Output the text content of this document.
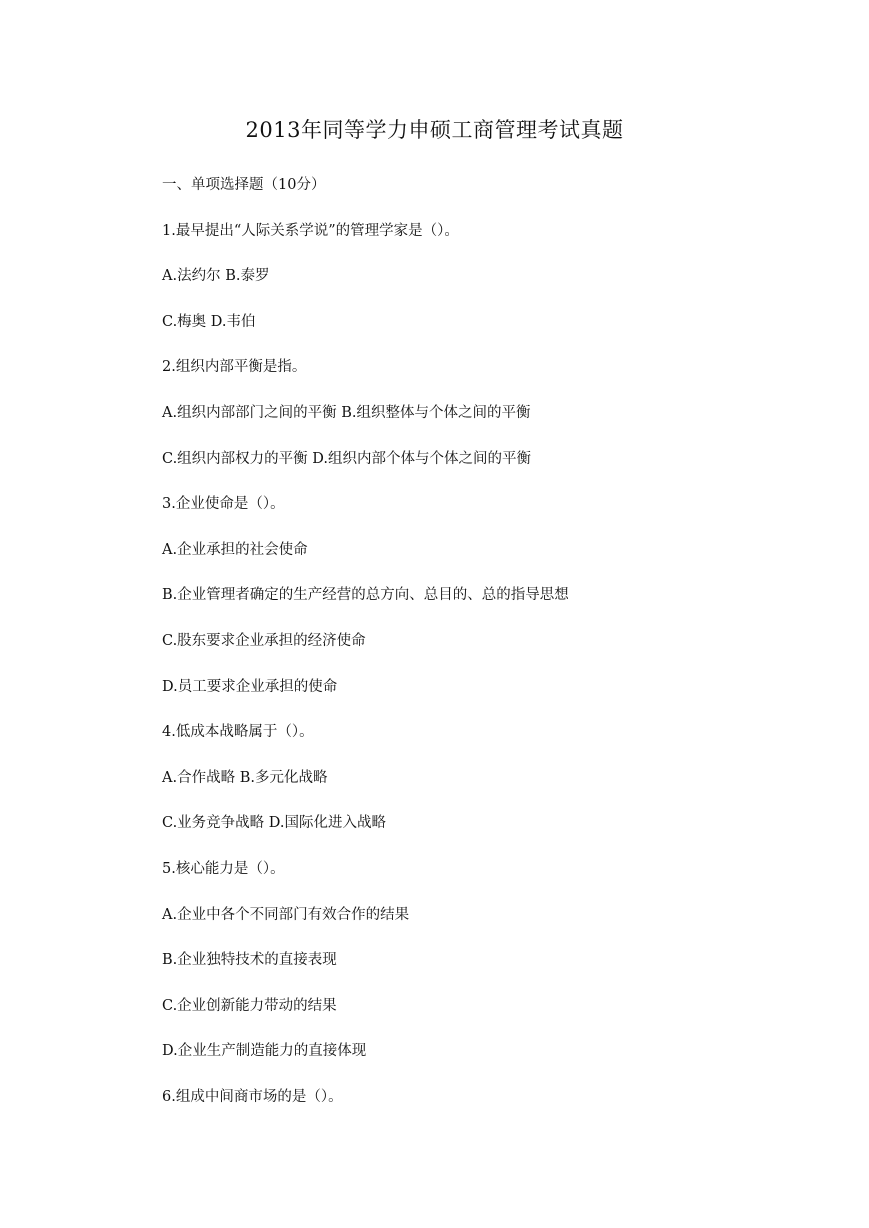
2013年同等学力申硕工商管理考试真题
一、单项选择题（10分）
1.最早提出“人际关系学说”的管理学家是（）。
A.法约尔 B.泰罗
C.梅奥 D.韦伯
2.组织内部平衡是指。
A.组织内部部门之间的平衡 B.组织整体与个体之间的平衡
C.组织内部权力的平衡 D.组织内部个体与个体之间的平衡
3.企业使命是（）。
A.企业承担的社会使命
B.企业管理者确定的生产经营的总方向、总目的、总的指导思想
C.股东要求企业承担的经济使命
D.员工要求企业承担的使命
4.低成本战略属于（）。
A.合作战略 B.多元化战略
C.业务竞争战略 D.国际化进入战略
5.核心能力是（）。
A.企业中各个不同部门有效合作的结果
B.企业独特技术的直接表现
C.企业创新能力带动的结果
D.企业生产制造能力的直接体现
6.组成中间商市场的是（）。
